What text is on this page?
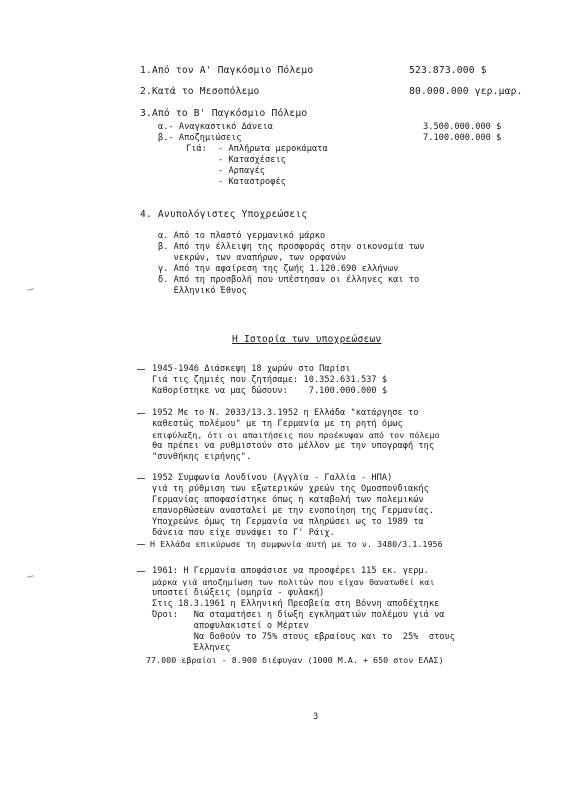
1.Από τον Α' Παγκόσμιο Πόλεμο	523.873.000 $
2.Κατά το Μεσοπόλεμο	80.000.000 γερ.μαρ.
3.Από το Β' Παγκόσμιο Πόλεμο
α.- Αναγκαστικό Δάνεια	3.500.000.000 $
β.- Αποζημιώσεις	7.100.000.000 $
Γιά: - Απλήρωτα μεροκάματα
- Κατασχέσεις
- Αρπαγές
- Καταστροφές
4. Ανυπολόγιστες Υποχρεώσεις
α. Από το πλαστό γερμανικό μάρκο
β. Από την έλλειψη της προσφοράς στην οικονομία των
νεκρών, των αναπήρων, των ορφανών
γ. Από την αφαίρεση της ζωής 1.120.690 ελλήνων
δ. Από τη προσβολή που υπέστησαν οι έλληνες και το
Ελληνικό Έθνος
Η Ιστορία των υποχρεώσεων
1945-1946 Διάσκεψη 18 χωρών στο Παρίσι
Γιά τις ζημιές που ζητήσαμε: 10.352.631.537 $
Καθορίστηκε να μας δώσουν:    7.100.000.000 $
1952 Με το Ν. 2033/13.3.1952 η Ελλάδα "κατάργησε το
καθεστώς πολέμου" με τη Γερμανία με τη ρητή όμως
επιφύλαξη, ότι οι απαιτήσεις που προέκυψαν από τον πόλεμο
θα πρέπει να ρυθμιστούν στο μέλλον με την υπογραφή της
"συνθήκης ειρήνης".
1952 Συμφωνία Λονδίνου (Αγγλία - Γαλλία - ΗΠΑ)
γιά τη ρύθμιση των εξωτερικών χρεών της Ομοσπονδιακής
Γερμανίας αποφασίστηκε όπως η καταβολή των πολεμικών
επανορθώσεων ανασταλεί με την ενοποίηση της Γερμανίας.
Υποχρεώνε όμως τη Γερμανία να πληρώσει ως το 1989 τα
δάνεια που είχε συνάψει το Γ' Ράιχ.
Η Ελλάδα επικύρωσε τη συμφωνία αυτή με το ν. 3480/3.1.1956
1961: Η Γερμανία αποφάσισε να προσφέρει 115 εκ. γερμ.
μάρκα γιά αποζημίωση των πολιτών που είχαν θανατωθεί και
υποστεί διώξεις (ομηρία - φυλακή)
Στις 18.3.1961 η Ελληνική Πρεσβεία στη Βόννη αποδέχτηκε
Όροι:   Να σταματήσει η δίωξη εγκληματιών πολέμου γιά να
αποφυλακιστεί ο Μέρτεν
Να δοθούν το 75% στους εβραίους και το  25%  στους
Έλληνες
77.000 εβραίοι - 8.900 διέφυγαν (1000 Μ.Α. + 650 στον ΕΛΑΣ)
3
